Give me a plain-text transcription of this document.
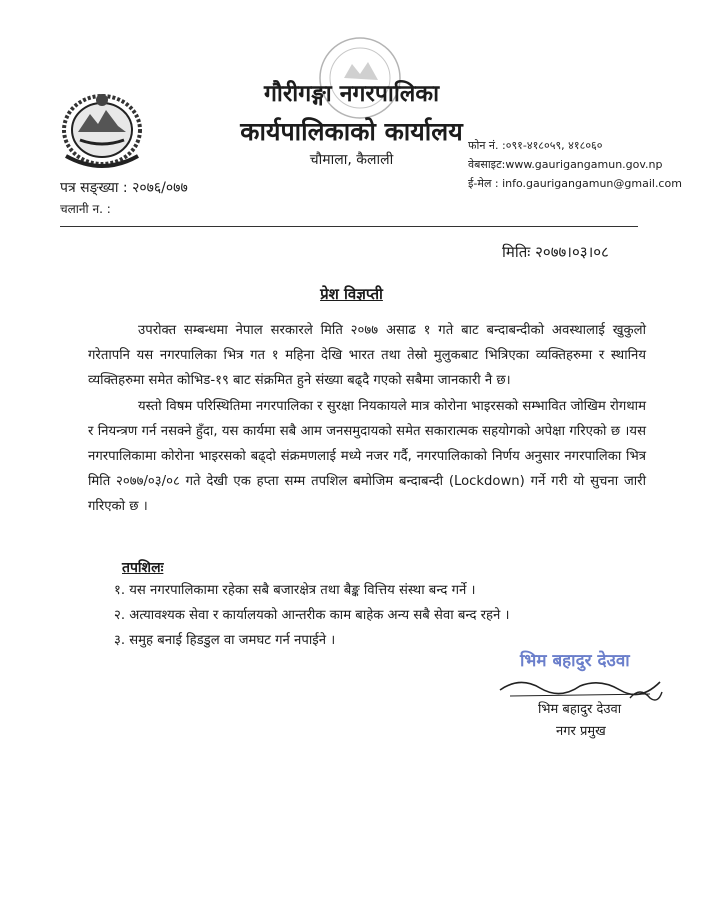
गौरीगङ्गा नगरपालिका
कार्यपालिकाको कार्यालय
चौमाला, कैलाली
फोन नं. :०९१-४१८०५९, ४१८०६०
वेबसाइट:www.gaurigangamun.gov.np
ई-मेल : info.gaurigangamun@gmail.com
पत्र सङ्ख्या : २०७६/०७७
चलानी न. :
मितिः २०७७।०३।०८
प्रेश विज्ञप्ती

उपरोक्त सम्बन्धमा नेपाल सरकारले मिति २०७७ असाढ १ गते बाट बन्दाबन्दीको अवस्थालाई खुकुलो गरेतापनि यस नगरपालिका भित्र गत १ महिना देखि भारत तथा तेस्रो मुलुकबाट भित्रिएका व्यक्तिहरुमा र स्थानिय व्यक्तिहरुमा समेत कोभिड-१९ बाट संक्रमित हुने संख्या बढ्दै गएको सबैमा जानकारी नै छ।

यस्तो विषम परिस्थितिमा नगरपालिका र सुरक्षा नियकायले मात्र कोरोना भाइरसको सम्भावित जोखिम रोगथाम र नियन्त्रण गर्न नसक्ने हुँदा, यस कार्यमा सबै आम जनसमुदायको समेत सकारात्मक सहयोगको अपेक्षा गरिएको छ ।यस नगरपालिकामा कोरोना भाइरसको बढ्दो संक्रमणलाई मध्ये नजर गर्दै, नगरपालिकाको निर्णय अनुसार नगरपालिका भित्र मिति २०७७/०३/०८ गते देखी एक हप्ता सम्म तपशिल बमोजिम बन्दाबन्दी (Lockdown) गर्ने गरी यो सुचना जारी गरिएको छ ।

तपशिलः
१. यस नगरपालिकामा रहेका सबै बजारक्षेत्र तथा बैङ्क वित्तिय संस्था बन्द गर्ने ।
२. अत्यावश्यक सेवा र कार्यालयको आन्तरीक काम बाहेक अन्य सबै सेवा बन्द रहने ।
३. समुह बनाई हिडडुल वा जमघट गर्न नपाईने ।
भिम बहादुर देउवा
भिम बहादुर देउवा
नगर प्रमुख
